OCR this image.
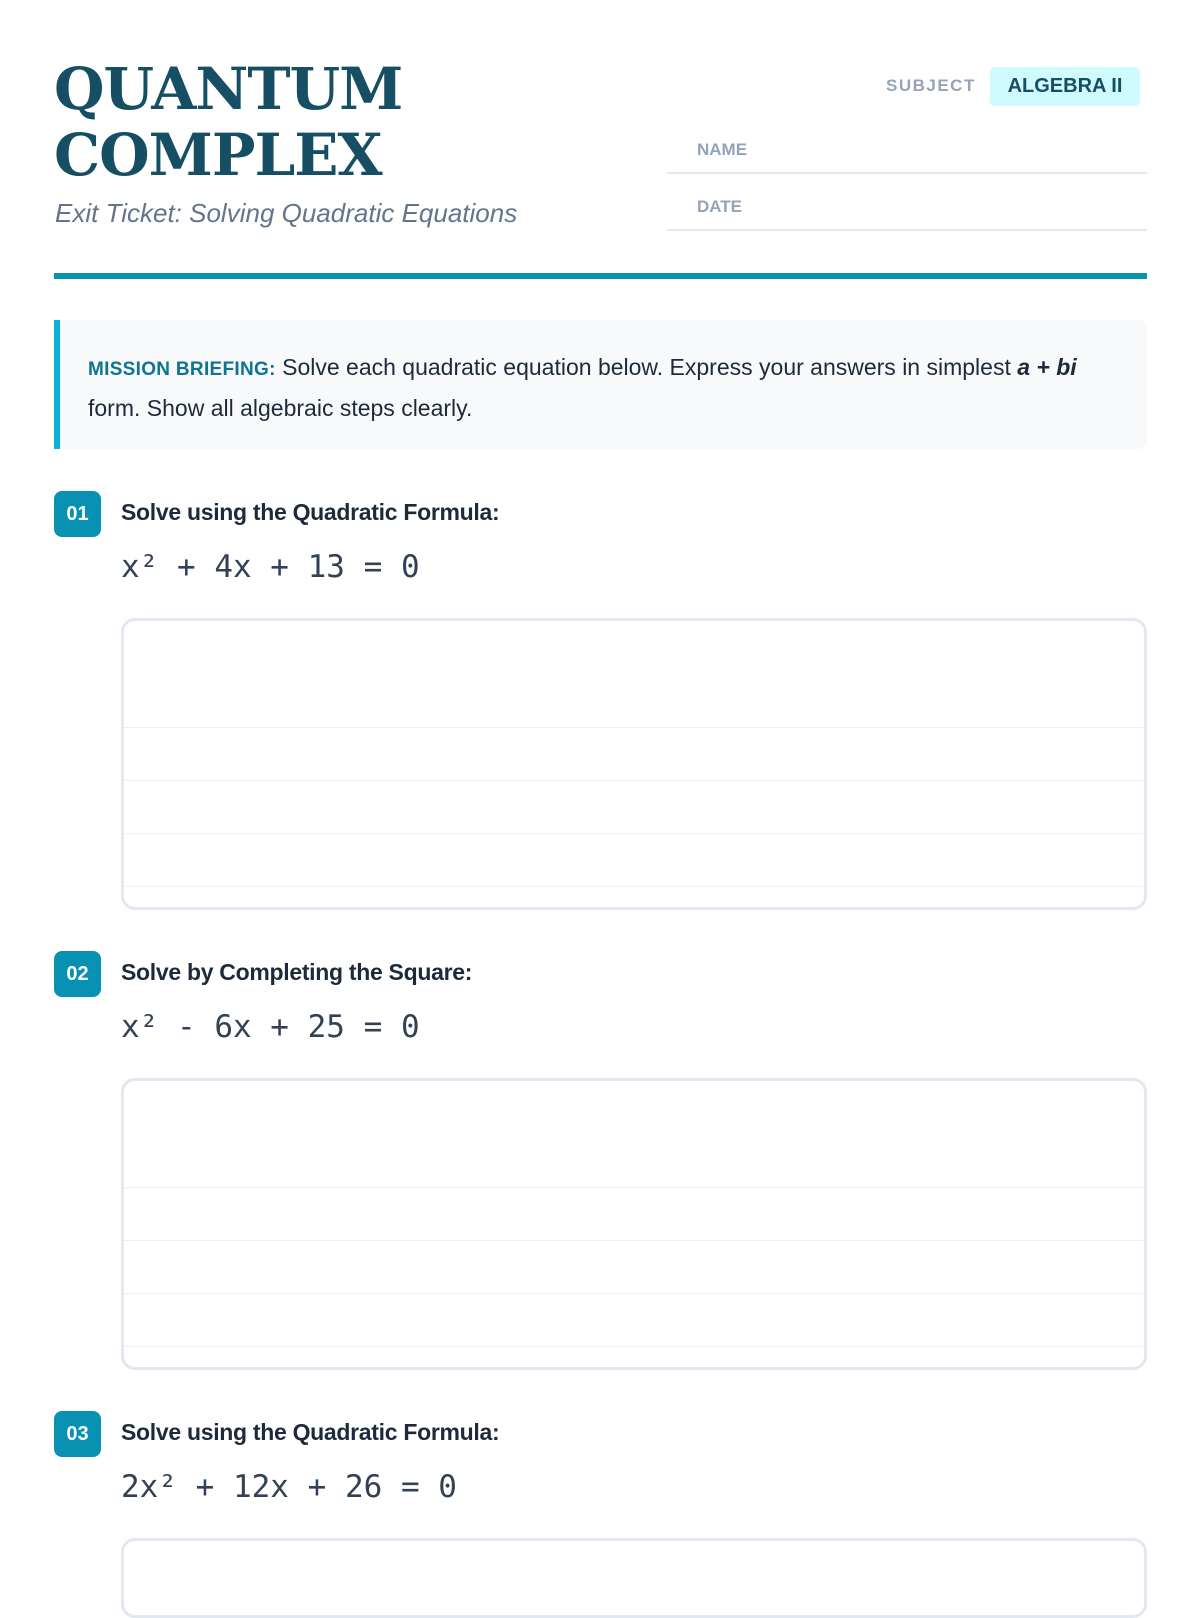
QUANTUM
COMPLEX
Exit Ticket: Solving Quadratic Equations
SUBJECT	ALGEBRA II
NAME
DATE
MISSION BRIEFING: Solve each quadratic equation below. Express your answers in simplest a + bi form. Show all algebraic steps clearly.
01	Solve using the Quadratic Formula:
x² + 4x + 13 = 0
02	Solve by Completing the Square:
x² - 6x + 25 = 0
03	Solve using the Quadratic Formula:
2x² + 12x + 26 = 0
